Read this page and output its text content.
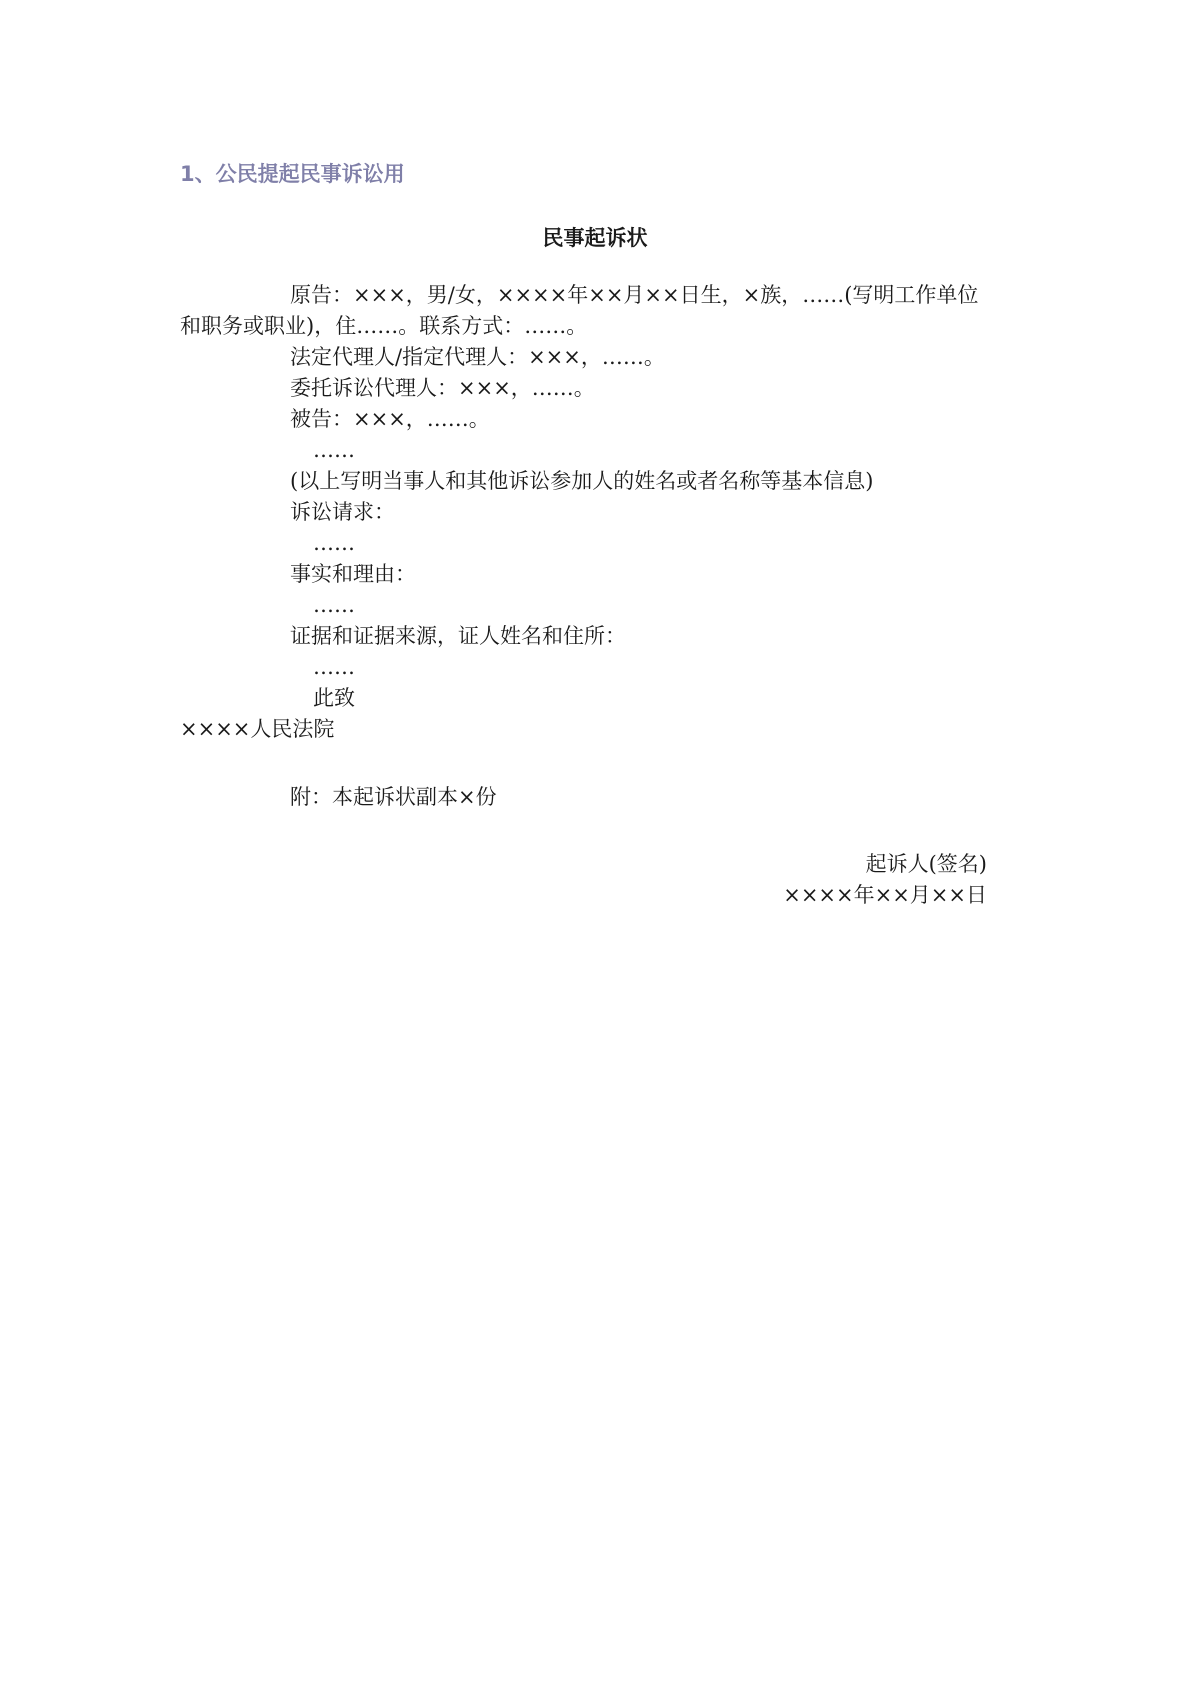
1、公民提起民事诉讼用
民事起诉状
原告：×××，男/女，××××年××月××日生，×族，……(写明工作单位
和职务或职业)，住……。联系方式：……。
法定代理人/指定代理人：×××，……。
委托诉讼代理人：×××，……。
被告：×××，……。
……
(以上写明当事人和其他诉讼参加人的姓名或者名称等基本信息)
诉讼请求：
……
事实和理由：
……
证据和证据来源，证人姓名和住所：
……
此致
××××人民法院
附：本起诉状副本×份
起诉人(签名)
××××年××月××日
